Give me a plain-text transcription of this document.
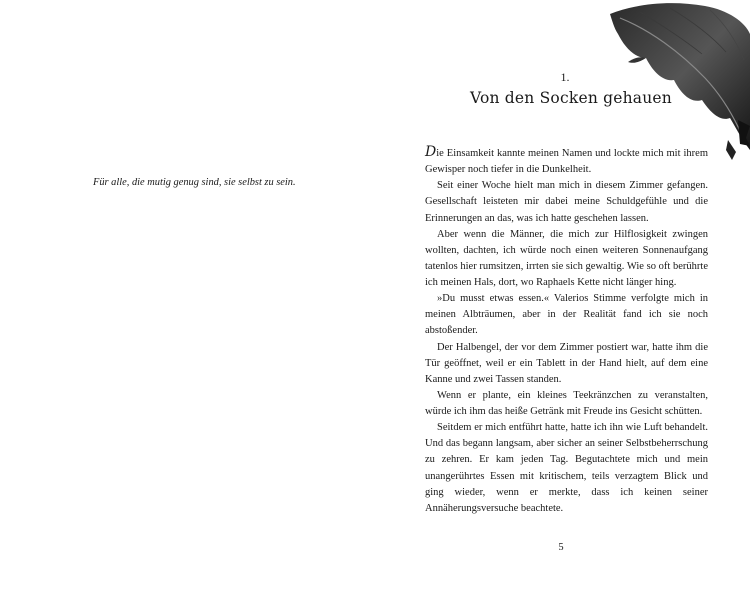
Für alle, die mutig genug sind, sie selbst zu sein.
1.
Von den Socken gehauen

Die Einsamkeit kannte meinen Namen und lockte mich mit ihrem Gewisper noch tiefer in die Dunkelheit.

Seit einer Woche hielt man mich in diesem Zimmer gefangen. Gesellschaft leisteten mir dabei meine Schuldgefühle und die Erinnerungen an das, was ich hatte geschehen lassen.

Aber wenn die Männer, die mich zur Hilflosigkeit zwingen wollten, dachten, ich würde noch einen weiteren Sonnenaufgang tatenlos hier rumsitzen, irrten sie sich gewaltig. Wie so oft berührte ich meinen Hals, dort, wo Raphaels Kette nicht länger hing.

»Du musst etwas essen.« Valerios Stimme verfolgte mich in meinen Albträumen, aber in der Realität fand ich sie noch abstoßender.

Der Halbengel, der vor dem Zimmer postiert war, hatte ihm die Tür geöffnet, weil er ein Tablett in der Hand hielt, auf dem eine Kanne und zwei Tassen standen.

Wenn er plante, ein kleines Teekränzchen zu veranstalten, würde ich ihm das heiße Getränk mit Freude ins Gesicht schütten.

Seitdem er mich entführt hatte, hatte ich ihn wie Luft behandelt. Und das begann langsam, aber sicher an seiner Selbstbeherrschung zu zehren. Er kam jeden Tag. Begutachtete mich und mein unangerührtes Essen mit kritischem, teils verzagtem Blick und ging wieder, wenn er merkte, dass ich keinen seiner Annäherungsversuche beachtete.

5
